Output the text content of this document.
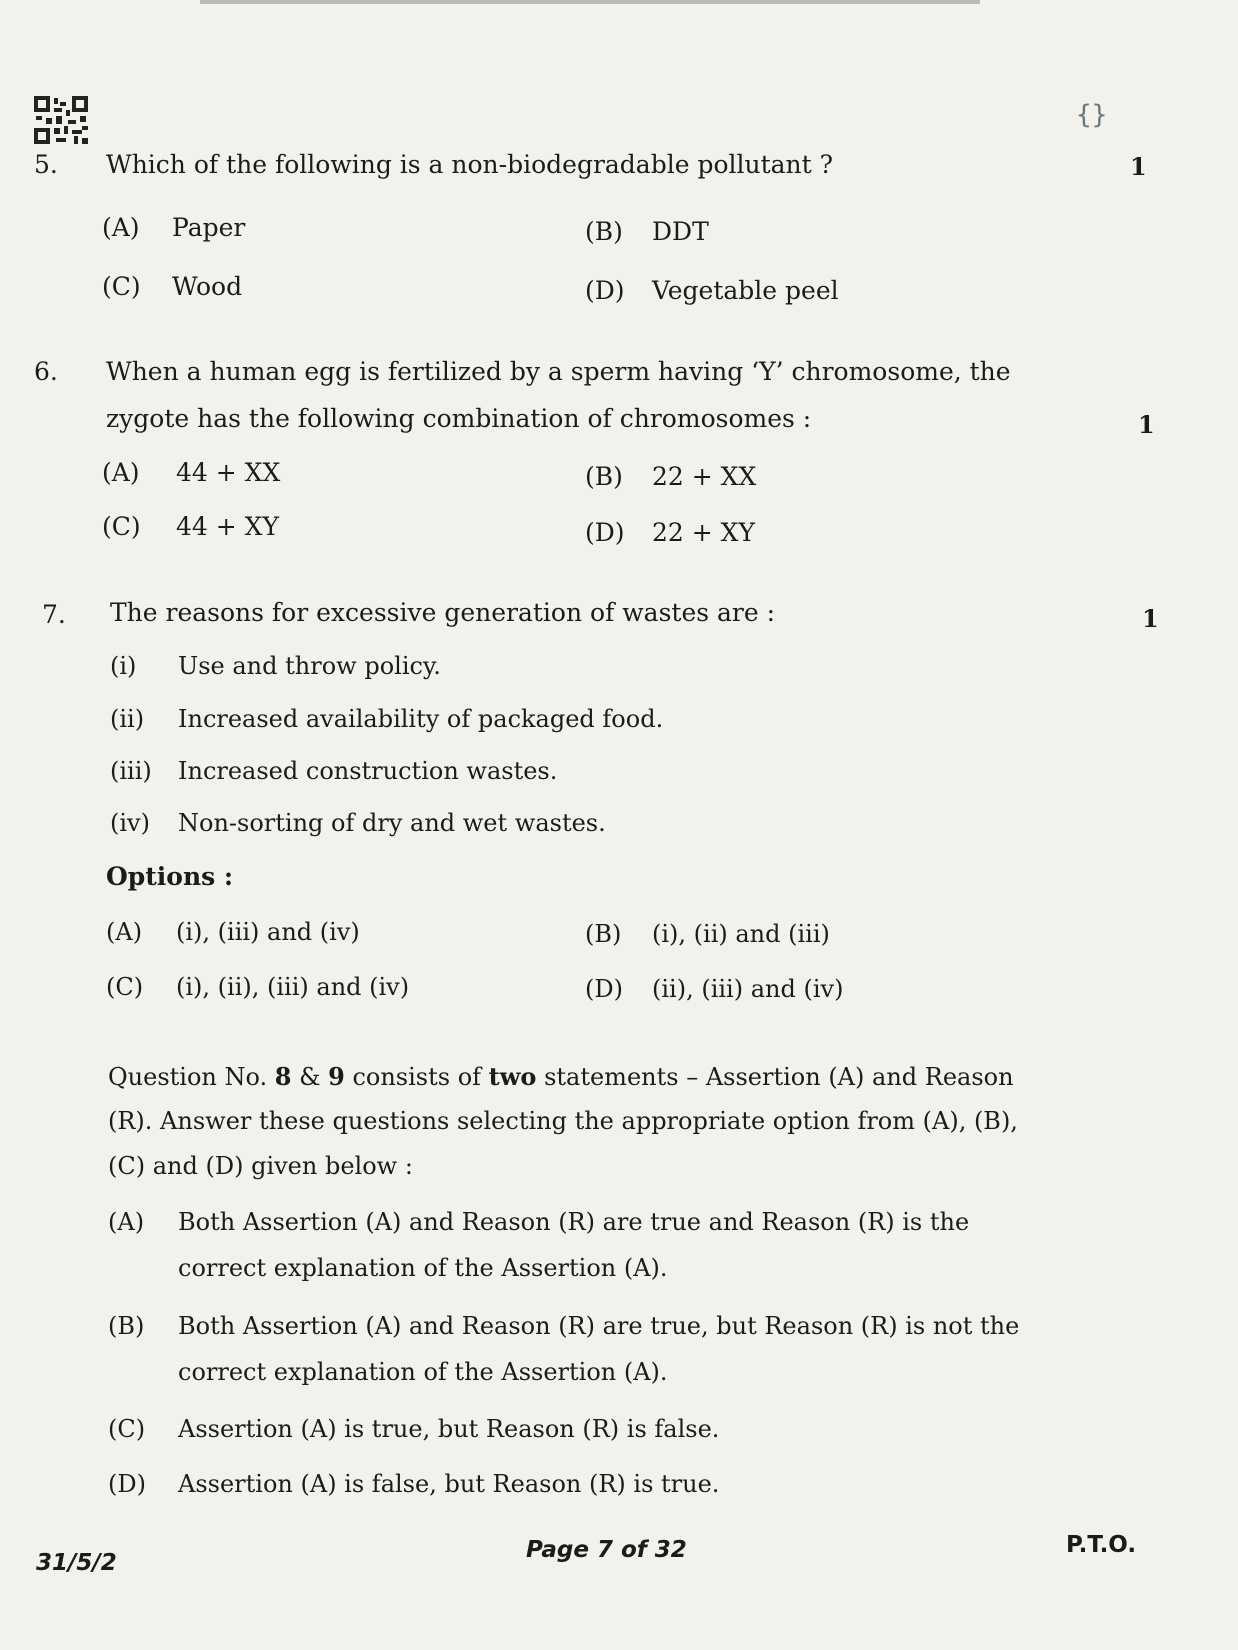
{}
5. Which of the following is a non-biodegradable pollutant ?	1
(A) Paper	(B) DDT
(C) Wood	(D) Vegetable peel
6. When a human egg is fertilized by a sperm having ‘Y’ chromosome, the
zygote has the following combination of chromosomes :	1
(A) 44 + XX	(B) 22 + XX
(C) 44 + XY	(D) 22 + XY
7. The reasons for excessive generation of wastes are :	1
(i) Use and throw policy.
(ii) Increased availability of packaged food.
(iii) Increased construction wastes.
(iv) Non-sorting of dry and wet wastes.
Options :
(A) (i), (iii) and (iv)	(B) (i), (ii) and (iii)
(C) (i), (ii), (iii) and (iv)	(D) (ii), (iii) and (iv)
Question No. 8 & 9 consists of two statements – Assertion (A) and Reason
(R). Answer these questions selecting the appropriate option from (A), (B),
(C) and (D) given below :
(A) Both Assertion (A) and Reason (R) are true and Reason (R) is the
correct explanation of the Assertion (A).
(B) Both Assertion (A) and Reason (R) are true, but Reason (R) is not the
correct explanation of the Assertion (A).
(C) Assertion (A) is true, but Reason (R) is false.
(D) Assertion (A) is false, but Reason (R) is true.
31/5/2	Page 7 of 32	P.T.O.
